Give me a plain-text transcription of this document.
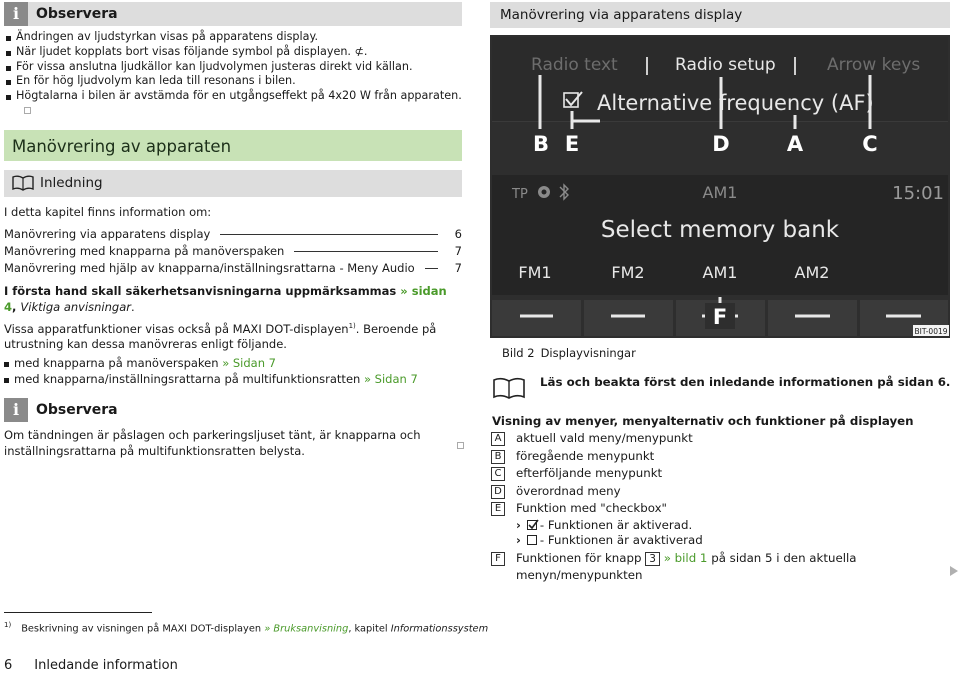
i	Observera
Ändringen av ljudstyrkan visas på apparatens display.
När ljudet kopplats bort visas följande symbol på displayen. ⊄.
För vissa anslutna ljudkällor kan ljudvolymen justeras direkt vid källan.
En för hög ljudvolym kan leda till resonans i bilen.
Högtalarna i bilen är avstämda för en utgångseffekt på 4x20 W från apparaten.
Manövrering av apparaten
Inledning

I detta kapitel finns information om:

Manövrering via apparatens display	6
Manövrering med knapparna på manöverspaken	7
Manövrering med hjälp av knapparna/inställningsrattarna - Meny Audio	7

I första hand skall säkerhetsanvisningarna uppmärksammas » sidan 4, Viktiga anvisningar.

Vissa apparatfunktioner visas också på MAXI DOT-displayen$^{1)}$. Beroende på utrustning kan dessa manövreras enligt följande.

med knapparna på manöverspaken » Sidan 7
med knapparna/inställningsrattarna på multifunktionsratten » Sidan 7
i	Observera

Om tändningen är påslagen och parkeringsljuset tänt, är knapparna och inställningsrattarna på multifunktionsratten belysta.

Manövrering via apparatens display
Radio text	Radio setup	Arrow keys
Alternative frequency (AF)
B E	D	A	C
TP	AM1	15:01
Select memory bank
FM1	FM2	AM1	AM2
F
BIT-0019
Bild 2 Displayvisningar
Läs och beakta först den inledande informationen på sidan 6.
Visning av menyer, menyalternativ och funktioner på displayen
A	aktuell vald meny/menypunkt
B	föregående menypunkt
C efterföljande menypunkt
D överordnad meny
E	Funktion med "checkbox"
› - Funktionen är aktiverad.
› - Funktionen är avaktiverad
F	Funktionen för knapp 3 » bild 1 på sidan 5 i den aktuella menyn/menypunkten
$^{1)}$ Beskrivning av visningen på MAXI DOT-displayen » Bruksanvisning, kapitel Informationssystem
6 Inledande information
